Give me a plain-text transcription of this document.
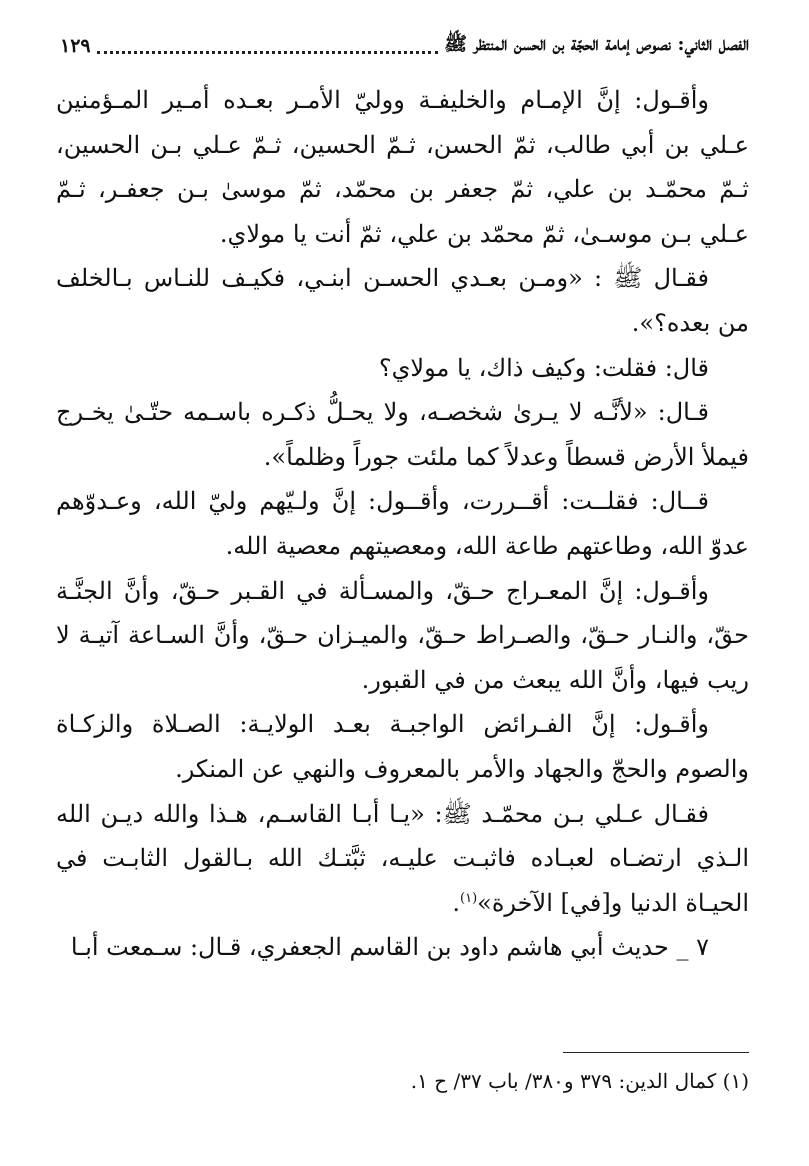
الفصل الثاني: نصوص إمامة الحجّة بن الحسن المنتظر ﷺ
١٢٩

وأقـول: إنَّ الإمـام والخليفـة ووليّ الأمـر بعـده أمـير المـؤمنين عـلي بن أبي طالب، ثمّ الحسن، ثـمّ الحسين، ثـمّ عـلي بـن الحسين، ثـمّ محمّـد بن علي، ثمّ جعفر بن محمّد، ثمّ موسىٰ بـن جعفـر، ثـمّ عـلي بـن موسـىٰ، ثمّ محمّد بن علي، ثمّ أنت يا مولاي.

فقـال ﷺ : «ومـن بعـدي الحسـن ابنـي، فكيـف للنـاس بـالخلف من بعده؟».

قال: فقلت: وكيف ذاك، يا مولاي؟

قـال: «لأنَّـه لا يـرىٰ شخصـه، ولا يحـلُّ ذكـره باسـمه حتّـىٰ يخـرج فيملأ الأرض قسطاً وعدلاً كما ملئت جوراً وظلماً».

قــال: فقلــت: أقــررت، وأقــول: إنَّ ولـيّهم وليّ الله، وعـدوّهم عدوّ الله، وطاعتهم طاعة الله، ومعصيتهم معصية الله.

وأقـول: إنَّ المعـراج حـقّ، والمسـألة في القـبر حـقّ، وأنَّ الجنَّـة حقّ، والنـار حـقّ، والصـراط حـقّ، والميـزان حـقّ، وأنَّ السـاعة آتيـة لا ريب فيها، وأنَّ الله يبعث من في القبور.

وأقـول: إنَّ الفـرائض الواجبـة بعـد الولايـة: الصـلاة والزكـاة والصوم والحجّ والجهاد والأمر بالمعروف والنهي عن المنكر.

فقـال عـلي بـن محمّـد ﷺ: «يـا أبـا القاسـم، هـذا والله ديـن الله الـذي ارتضـاه لعبـاده فاثبـت عليـه، ثبَّتـك الله بـالقول الثابـت في الحيـاة الدنيا و[في] الآخرة»$^{(١)}$.

٧ _ حديث أبي هاشم داود بن القاسم الجعفري، قـال: سـمعت أبـا

(١) كمال الدين: ٣٧٩ و٣٨٠/ باب ٣٧/ ح ١.
